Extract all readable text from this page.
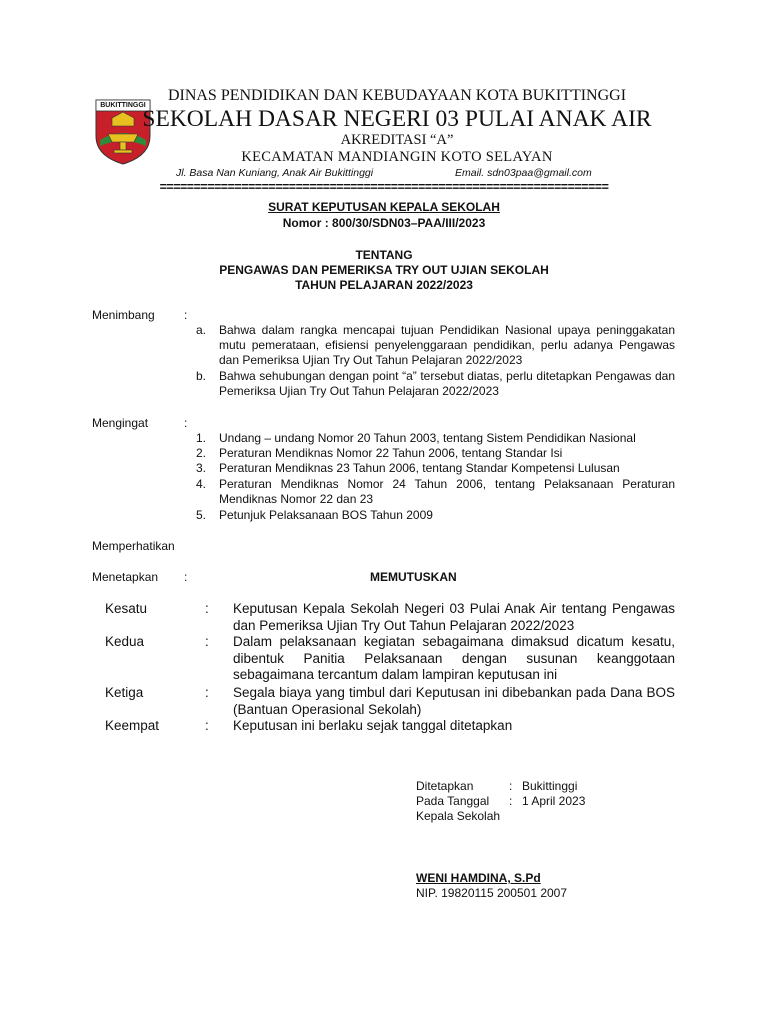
BUKITTINGGI
DINAS PENDIDIKAN DAN KEBUDAYAAN KOTA BUKITTINGGI
SEKOLAH DASAR NEGERI 03 PULAI ANAK AIR
AKREDITASI “A”
KECAMATAN MANDIANGIN KOTO SELAYAN
Jl. Basa Nan Kuniang, Anak Air Bukittinggi	Email. sdn03paa@gmail.com
==================================================================
SURAT KEPUTUSAN KEPALA SEKOLAH
Nomor : 800/30/SDN03–PAA/III/2023
TENTANG
PENGAWAS DAN PEMERIKSA TRY OUT UJIAN SEKOLAH
TAHUN PELAJARAN 2022/2023
Menimbang :
a. Bahwa dalam rangka mencapai tujuan Pendidikan Nasional upaya peninggakatan mutu pemerataan, efisiensi penyelenggaraan pendidikan, perlu adanya Pengawas dan Pemeriksa Ujian Try Out Tahun Pelajaran 2022/2023
b. Bahwa sehubungan dengan point “a” tersebut diatas, perlu ditetapkan Pengawas dan Pemeriksa Ujian Try Out Tahun Pelajaran 2022/2023
Mengingat	:
1. Undang – undang Nomor 20 Tahun 2003, tentang Sistem Pendidikan Nasional
2. Peraturan Mendiknas Nomor 22 Tahun 2006, tentang Standar Isi
3. Peraturan Mendiknas 23 Tahun 2006, tentang Standar Kompetensi Lulusan
4. Peraturan Mendiknas Nomor 24 Tahun 2006, tentang Pelaksanaan Peraturan Mendiknas Nomor 22 dan 23
5. Petunjuk Pelaksanaan BOS Tahun 2009
Memperhatikan
Menetapkan :	MEMUTUSKAN
Kesatu	: Keputusan Kepala Sekolah Negeri 03 Pulai Anak Air tentang Pengawas dan Pemeriksa Ujian Try Out Tahun Pelajaran 2022/2023
Kedua	: Dalam pelaksanaan kegiatan sebagaimana dimaksud dicatum kesatu, dibentuk Panitia Pelaksanaan dengan susunan keanggotaan sebagaimana tercantum dalam lampiran keputusan ini
Ketiga	: Segala biaya yang timbul dari Keputusan ini dibebankan pada Dana BOS (Bantuan Operasional Sekolah)
Keempat	: Keputusan ini berlaku sejak tanggal ditetapkan
Ditetapkan	: Bukittinggi
Pada Tanggal : 1 April 2023
Kepala Sekolah
WENI HAMDINA, S.Pd
NIP. 19820115 200501 2007
